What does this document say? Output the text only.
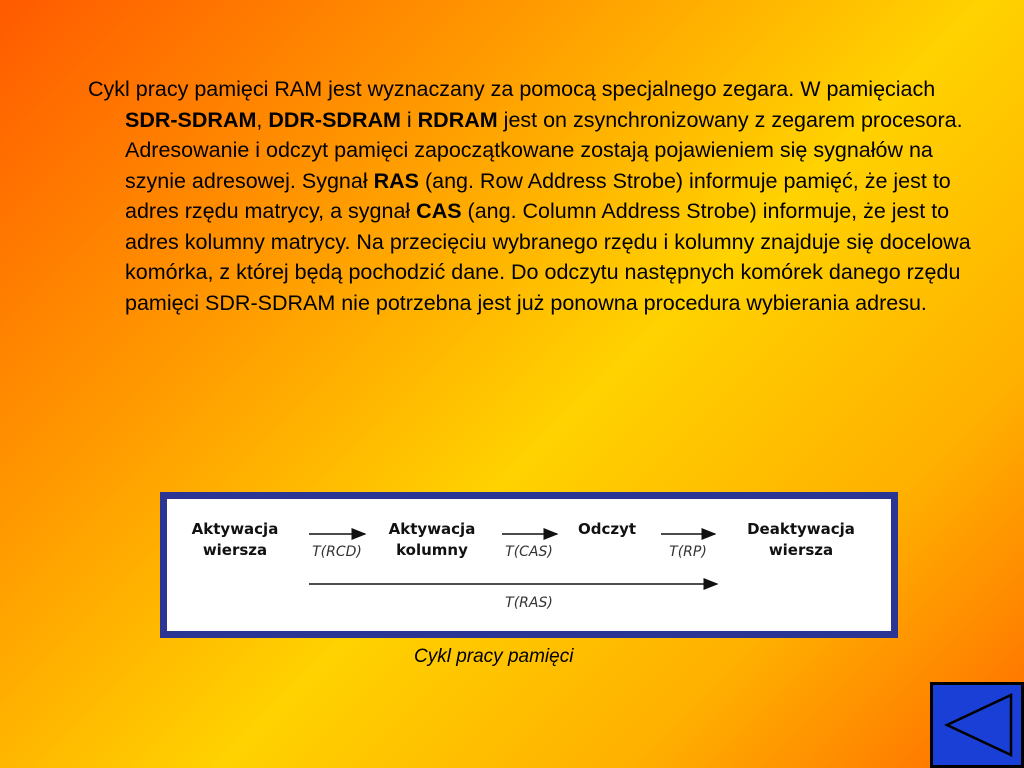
Cykl pracy pamięci RAM jest wyznaczany za pomocą specjalnego zegara. W pamięciach SDR-SDRAM, DDR-SDRAM i RDRAM jest on zsynchronizowany z zegarem procesora. Adresowanie i odczyt pamięci zapoczątkowane zostają pojawieniem się sygnałów na szynie adresowej. Sygnał RAS (ang. Row Address Strobe) informuje pamięć, że jest to adres rzędu matrycy, a sygnał CAS (ang. Column Address Strobe) informuje, że jest to adres kolumny matrycy. Na przecięciu wybranego rzędu i kolumny znajduje się docelowa komórka, z której będą pochodzić dane. Do odczytu następnych komórek danego rzędu pamięci SDR-SDRAM nie potrzebna jest już ponowna procedura wybierania adresu.
Aktywacja
wiersza
Aktywacja
kolumny
Odczyt	Deaktywacja
wiersza
T(RCD)	T(CAS)	T(RP)
T(RAS)
Cykl pracy pamięci
